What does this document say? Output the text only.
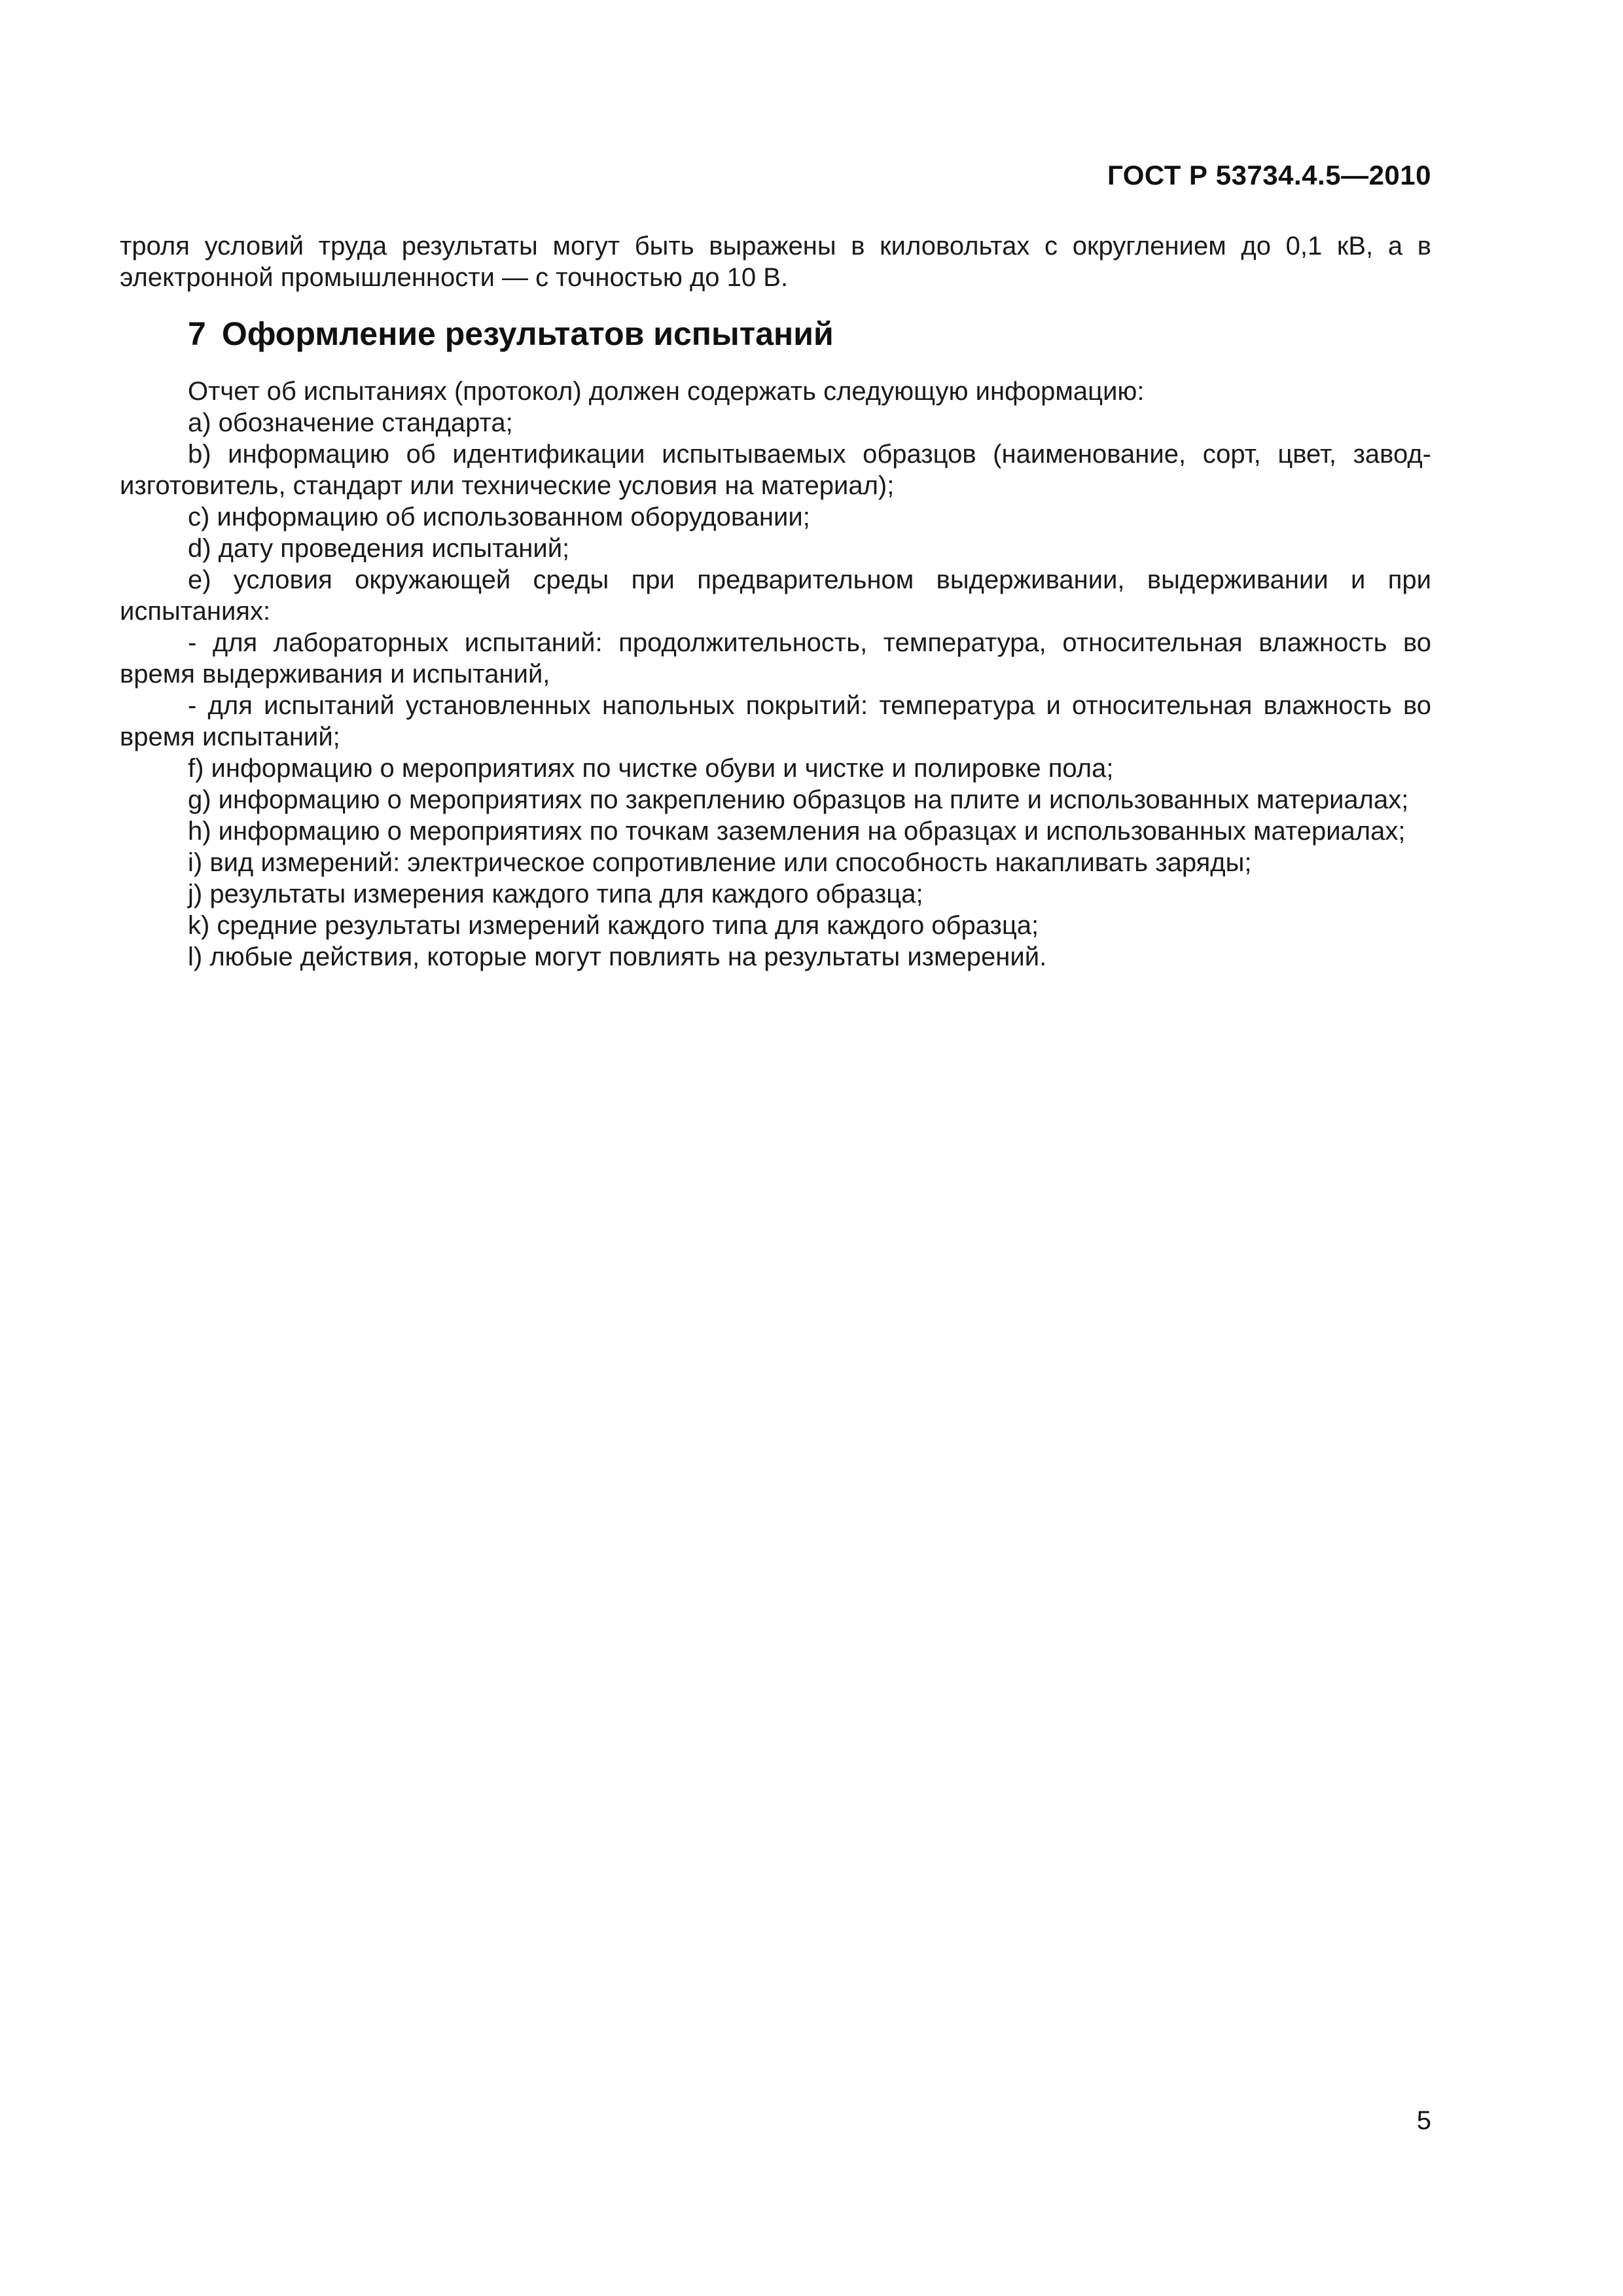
ГОСТ Р 53734.4.5—2010

троля условий труда результаты могут быть выражены в киловольтах с округлением до 0,1 кВ, а в электронной промышленности — с точностью до 10 В.

7 Оформление результатов испытаний

Отчет об испытаниях (протокол) должен содержать следующую информацию:

a) обозначение стандарта;

b) информацию об идентификации испытываемых образцов (наименование, сорт, цвет, завод-изготовитель, стандарт или технические условия на материал);

c) информацию об использованном оборудовании;

d) дату проведения испытаний;

e) условия окружающей среды при предварительном выдерживании, выдерживании и при испытаниях:

- для лабораторных испытаний: продолжительность, температура, относительная влажность во время выдерживания и испытаний,

- для испытаний установленных напольных покрытий: температура и относительная влажность во время испытаний;

f) информацию о мероприятиях по чистке обуви и чистке и полировке пола;

g) информацию о мероприятиях по закреплению образцов на плите и использованных материалах;

h) информацию о мероприятиях по точкам заземления на образцах и использованных материалах;

i) вид измерений: электрическое сопротивление или способность накапливать заряды;

j) результаты измерения каждого типа для каждого образца;

k) средние результаты измерений каждого типа для каждого образца;

l) любые действия, которые могут повлиять на результаты измерений.

5
